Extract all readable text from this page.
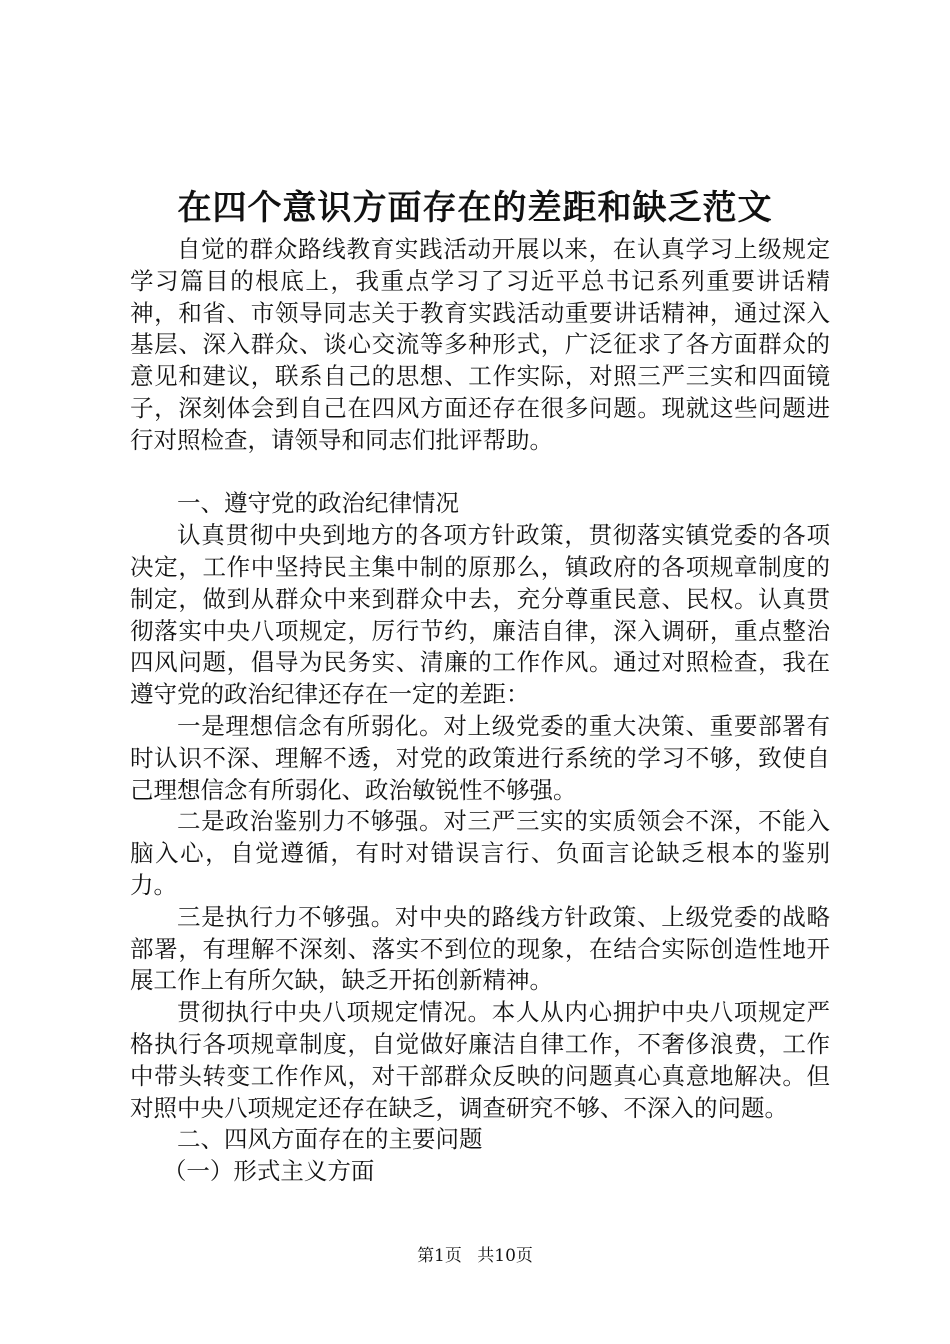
在四个意识方面存在的差距和缺乏范文

自觉的群众路线教育实践活动开展以来，在认真学习上级规定学习篇目的根底上，我重点学习了习近平总书记系列重要讲话精神，和省、市领导同志关于教育实践活动重要讲话精神，通过深入基层、深入群众、谈心交流等多种形式，广泛征求了各方面群众的意见和建议，联系自己的思想、工作实际，对照三严三实和四面镜子，深刻体会到自己在四风方面还存在很多问题。现就这些问题进行对照检查，请领导和同志们批评帮助。

一、遵守党的政治纪律情况

认真贯彻中央到地方的各项方针政策，贯彻落实镇党委的各项决定，工作中坚持民主集中制的原那么，镇政府的各项规章制度的制定，做到从群众中来到群众中去，充分尊重民意、民权。认真贯彻落实中央八项规定，厉行节约，廉洁自律，深入调研，重点整治四风问题，倡导为民务实、清廉的工作作风。通过对照检查，我在遵守党的政治纪律还存在一定的差距：

一是理想信念有所弱化。对上级党委的重大决策、重要部署有时认识不深、理解不透，对党的政策进行系统的学习不够，致使自己理想信念有所弱化、政治敏锐性不够强。

二是政治鉴别力不够强。对三严三实的实质领会不深，不能入脑入心，自觉遵循，有时对错误言行、负面言论缺乏根本的鉴别力。

三是执行力不够强。对中央的路线方针政策、上级党委的战略部署，有理解不深刻、落实不到位的现象，在结合实际创造性地开展工作上有所欠缺，缺乏开拓创新精神。

贯彻执行中央八项规定情况。本人从内心拥护中央八项规定严格执行各项规章制度，自觉做好廉洁自律工作，不奢侈浪费，工作中带头转变工作作风，对干部群众反映的问题真心真意地解决。但对照中央八项规定还存在缺乏，调查研究不够、不深入的问题。

二、四风方面存在的主要问题

（一）形式主义方面

第1页 共10页
